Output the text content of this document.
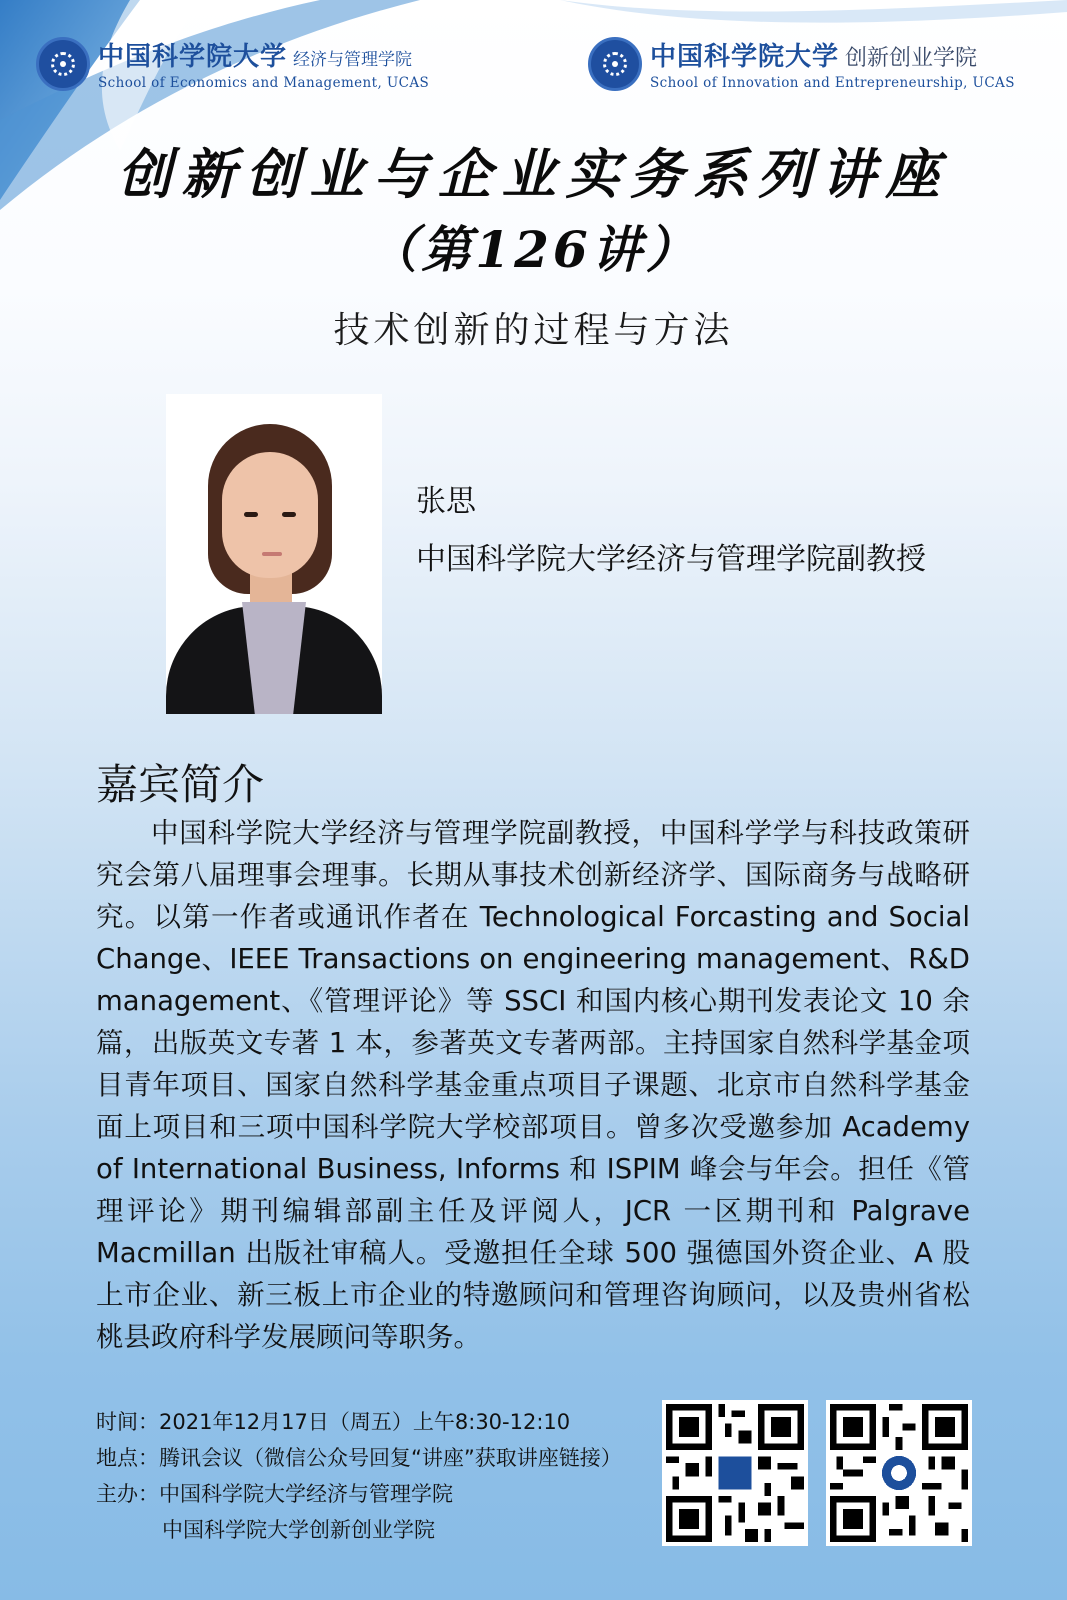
中国科学院大学 经济与管理学院
School of Economics and Management, UCAS
中国科学院大学 创新创业学院
School of Innovation and Entrepreneurship, UCAS
创新创业与企业实务系列讲座
（第126讲）
技术创新的过程与方法
张思
中国科学院大学经济与管理学院副教授
嘉宾简介
中国科学院大学经济与管理学院副教授，中国科学学与科技政策研究会第八届理事会理事。长期从事技术创新经济学、国际商务与战略研究。以第一作者或通讯作者在 Technological Forcasting and Social Change、IEEE Transactions on engineering management、R&D management、《管理评论》等 SSCI 和国内核心期刊发表论文 10 余篇，出版英文专著 1 本，参著英文专著两部。主持国家自然科学基金项目青年项目、国家自然科学基金重点项目子课题、北京市自然科学基金面上项目和三项中国科学院大学校部项目。曾多次受邀参加 Academy of International Business, Informs 和 ISPIM 峰会与年会。担任《管理评论》期刊编辑部副主任及评阅人，JCR 一区期刊和 Palgrave Macmillan 出版社审稿人。受邀担任全球 500 强德国外资企业、A 股上市企业、新三板上市企业的特邀顾问和管理咨询顾问，以及贵州省松桃县政府科学发展顾问等职务。
时间：2021年12月17日（周五）上午8:30-12:10
地点：腾讯会议（微信公众号回复“讲座”获取讲座链接）
主办：中国科学院大学经济与管理学院
中国科学院大学创新创业学院
